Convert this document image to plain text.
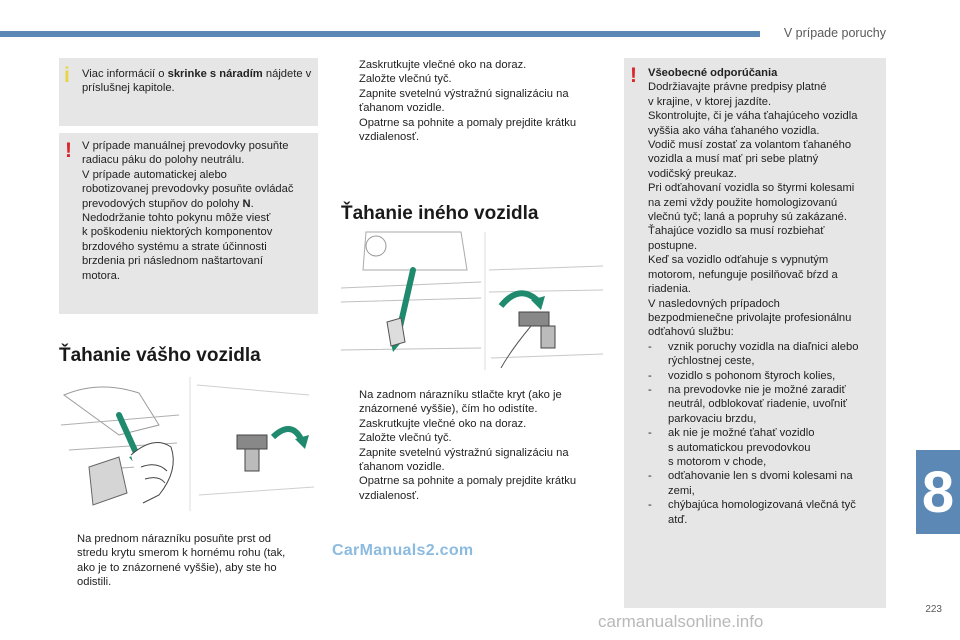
V prípade poruchy
i Viac informácií o skrinke s náradím nájdete v príslušnej kapitole.
! V prípade manuálnej prevodovky posuňte
radiacu páku do polohy neutrálu.
V prípade automatickej alebo
robotizovanej prevodovky posuňte ovládač
prevodových stupňov do polohy N.
Nedodržanie tohto pokynu môže viesť
k poškodeniu niektorých komponentov
brzdového systému a strate účinnosti
brzdenia pri následnom naštartovaní
motora.
Ťahanie vášho vozidla
Na prednom nárazníku posuňte prst od
stredu krytu smerom k hornému rohu (tak,
ako je to znázornené vyššie), aby ste ho
odistili.
Zaskrutkujte vlečné oko na doraz.
Založte vlečnú tyč.
Zapnite svetelnú výstražnú signalizáciu na
ťahanom vozidle.
Opatrne sa pohnite a pomaly prejdite krátku
vzdialenosť.
Ťahanie iného vozidla
Na zadnom nárazníku stlačte kryt (ako je
znázornené vyššie), čím ho odistíte.
Zaskrutkujte vlečné oko na doraz.
Založte vlečnú tyč.
Zapnite svetelnú výstražnú signalizáciu na
ťahanom vozidle.
Opatrne sa pohnite a pomaly prejdite krátku
vzdialenosť.
! Všeobecné odporúčania
Dodržiavajte právne predpisy platné
v krajine, v ktorej jazdíte.
Skontrolujte, či je váha ťahajúceho vozidla
vyššia ako váha ťahaného vozidla.
Vodič musí zostať za volantom ťahaného
vozidla a musí mať pri sebe platný
vodičský preukaz.
Pri odťahovaní vozidla so štyrmi kolesami
na zemi vždy použite homologizovanú
vlečnú tyč; laná a popruhy sú zakázané.
Ťahajúce vozidlo sa musí rozbiehať
postupne.
Keď sa vozidlo odťahuje s vypnutým
motorom, nefunguje posilňovač bŕzd a
riadenia.
V nasledovných prípadoch
bezpodmienečne privolajte profesionálnu
odťahovú službu:
- vznik poruchy vozidla na diaľnici alebo
rýchlostnej ceste,
- vozidlo s pohonom štyroch kolies,
- na prevodovke nie je možné zaradiť
neutrál, odblokovať riadenie, uvoľniť
parkovaciu brzdu,
- ak nie je možné ťahať vozidlo
s automatickou prevodovkou
s motorom v chode,
- odťahovanie len s dvomi kolesami na
zemi,
- chýbajúca homologizovaná vlečná tyč
atď.	8
223
CarManuals2.com
carmanualsonline.info
